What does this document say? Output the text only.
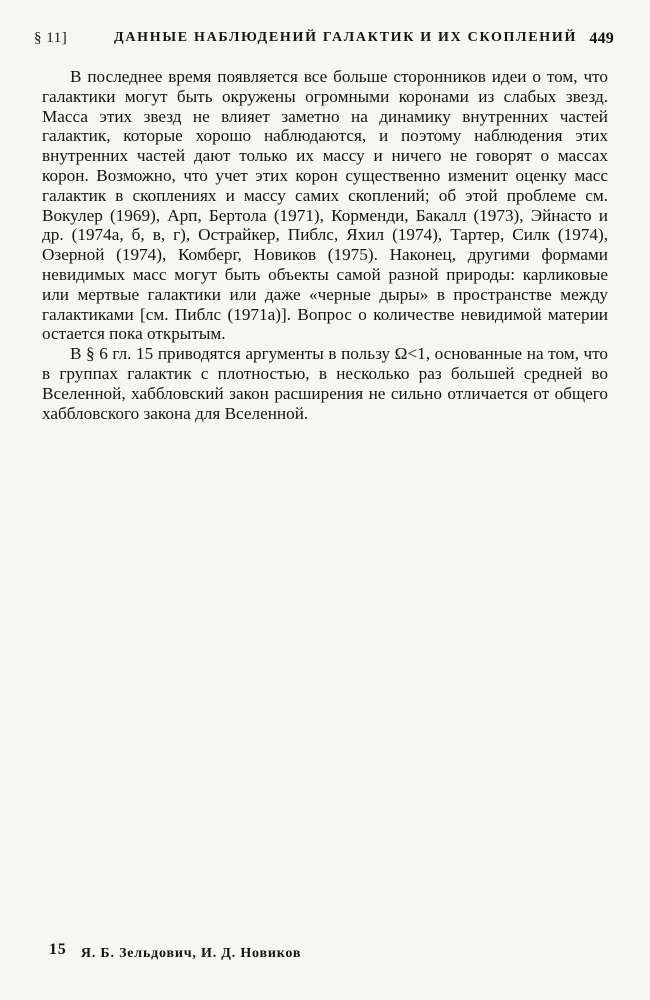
§ 11]	ДАННЫЕ НАБЛЮДЕНИЙ ГАЛАКТИК И ИХ СКОПЛЕНИЙ 449

В последнее время появляется все больше сторонников идеи о том, что галактики могут быть окружены огромными коронами из слабых звезд. Масса этих звезд не влияет заметно на динамику внутренних частей галактик, которые хорошо наблюдаются, и поэтому наблюдения этих внутренних частей дают только их массу и ничего не говорят о массах корон. Возможно, что учет этих корон существенно изменит оценку масс галактик в скоплениях и массу самих скоплений; об этой проблеме см. Вокулер (1969), Арп, Бертола (1971), Корменди, Бакалл (1973), Эйнасто и др. (1974а, б, в, г), Острайкер, Пиблс, Яхил (1974), Тартер, Силк (1974), Озерной (1974), Комберг, Новиков (1975). Наконец, другими формами невидимых масс могут быть объекты самой разной природы: карликовые или мертвые галактики или даже «черные дыры» в пространстве между галактиками [см. Пиблс (1971а)]. Вопрос о количестве невидимой материи остается пока открытым.

В § 6 гл. 15 приводятся аргументы в пользу Ω<1, основанные на том, что в группах галактик с плотностью, в несколько раз большей средней во Вселенной, хаббловский закон расширения не сильно отличается от общего хаббловского закона для Вселенной.

15 Я. Б. Зельдович, И. Д. Новиков
